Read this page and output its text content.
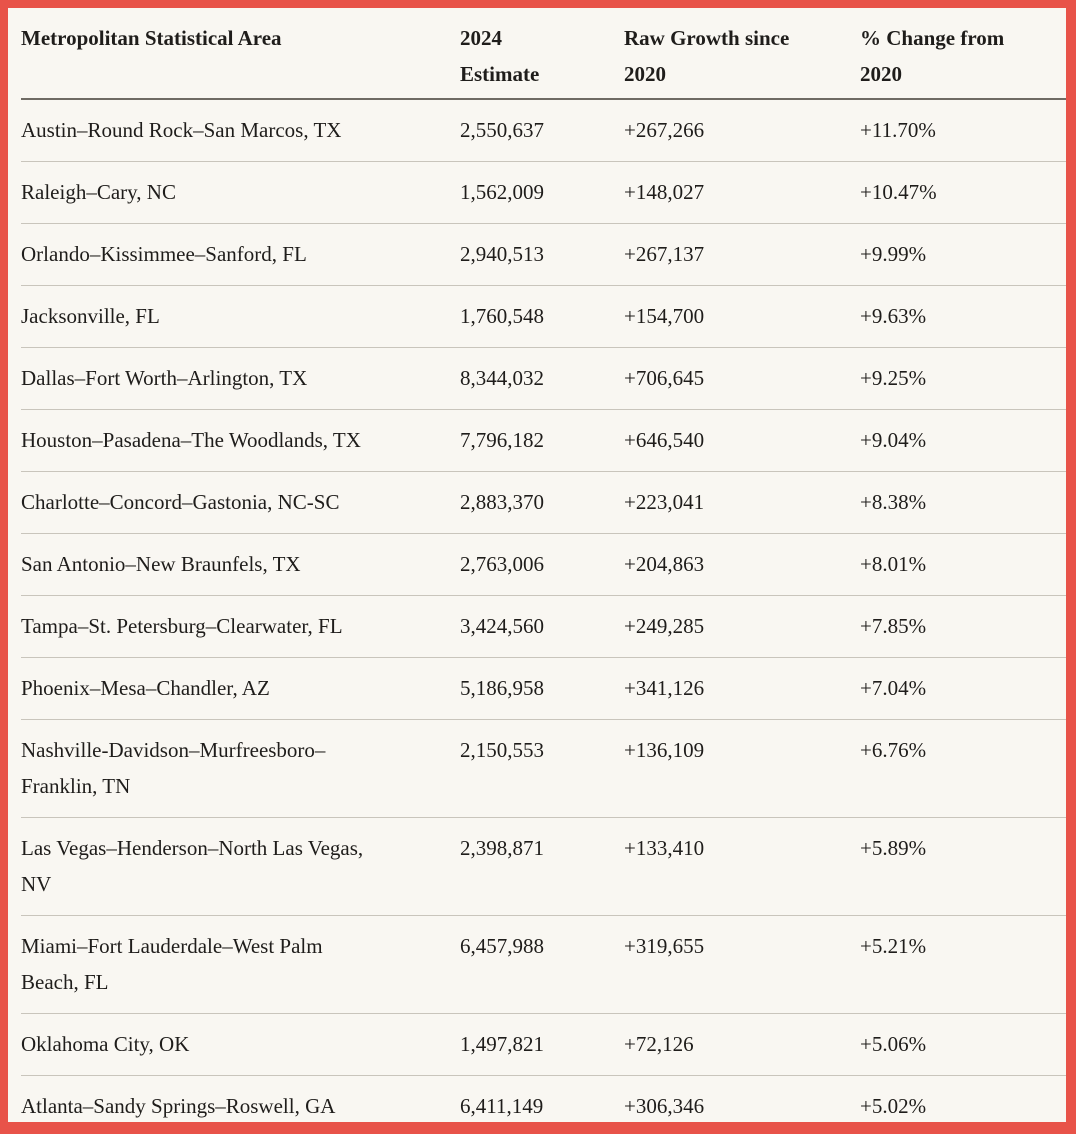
Metropolitan Statistical Area	2024 Estimate	Raw Growth since 2020	% Change from 2020
Austin–Round Rock–San Marcos, TX	2,550,637	+267,266	+11.70%
Raleigh–Cary, NC	1,562,009	+148,027	+10.47%
Orlando–Kissimmee–Sanford, FL	2,940,513	+267,137	+9.99%
Jacksonville, FL	1,760,548	+154,700	+9.63%
Dallas–Fort Worth–Arlington, TX	8,344,032	+706,645	+9.25%
Houston–Pasadena–The Woodlands, TX	7,796,182	+646,540	+9.04%
Charlotte–Concord–Gastonia, NC-SC	2,883,370	+223,041	+8.38%
San Antonio–New Braunfels, TX	2,763,006	+204,863	+8.01%
Tampa–St. Petersburg–Clearwater, FL	3,424,560	+249,285	+7.85%
Phoenix–Mesa–Chandler, AZ	5,186,958	+341,126	+7.04%
Nashville-Davidson–Murfreesboro–Franklin, TN	2,150,553	+136,109	+6.76%
Las Vegas–Henderson–North Las Vegas, NV	2,398,871	+133,410	+5.89%
Miami–Fort Lauderdale–West Palm Beach, FL	6,457,988	+319,655	+5.21%
Oklahoma City, OK	1,497,821	+72,126	+5.06%
Atlanta–Sandy Springs–Roswell, GA	6,411,149	+306,346	+5.02%
